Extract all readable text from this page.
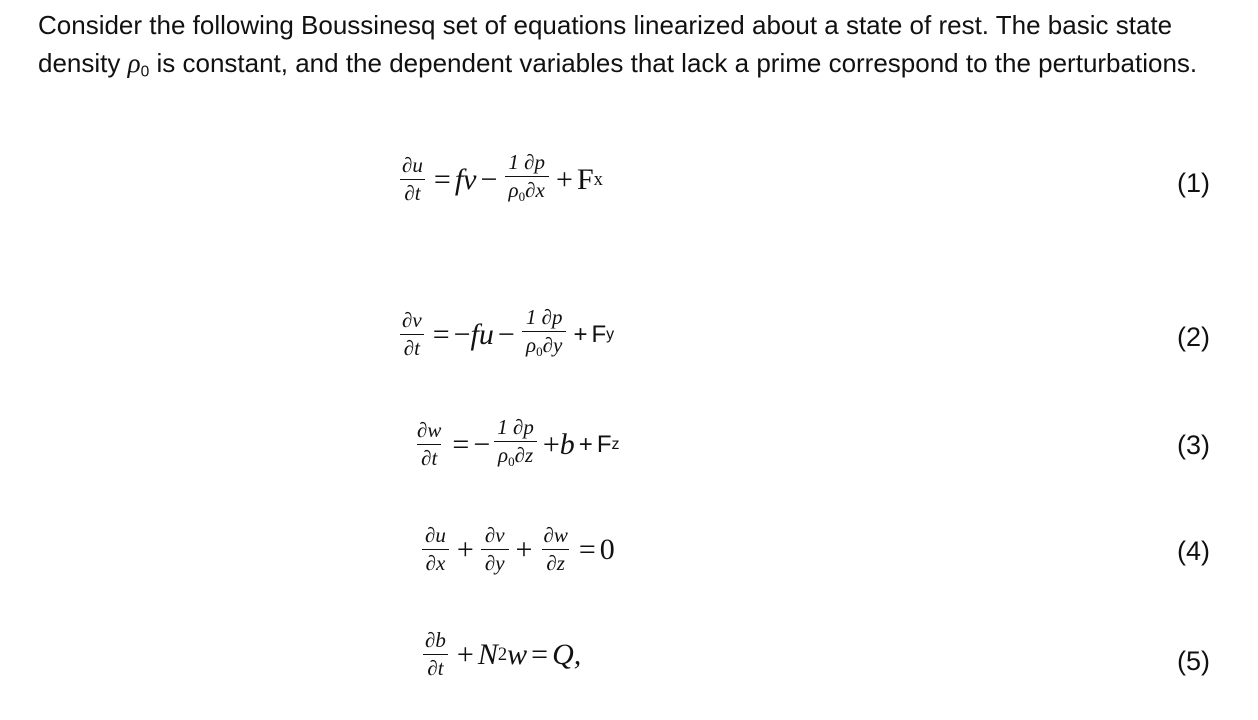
Consider the following Boussinesq set of equations linearized about a state of rest. The basic state density $\rho_0$ is constant, and the dependent variables that lack a prime correspond to the perturbations.

$\frac{\partial u}{\partial t}$ = fv − $\frac{1 \partial p}{\rho 0\partial x} + F$ x	(1)
$\frac{\partial v}{\partial t}$ = − fu − $\frac{1 \partial p}{\rho 0\partial y} + F$ y	(2)
$\frac{\partial w}{\partial t}$ = − $\frac{1 \partial p}{\rho 0\partial z} + b + F$ z	(3)
$\frac{\partial u}{\partial x} + \frac{\partial v}{\partial y} + \frac{\partial w}{\partial z} = 0$	(4)
$\frac{\partial b}{\partial t} + N$ 2 w = Q,	(5)
